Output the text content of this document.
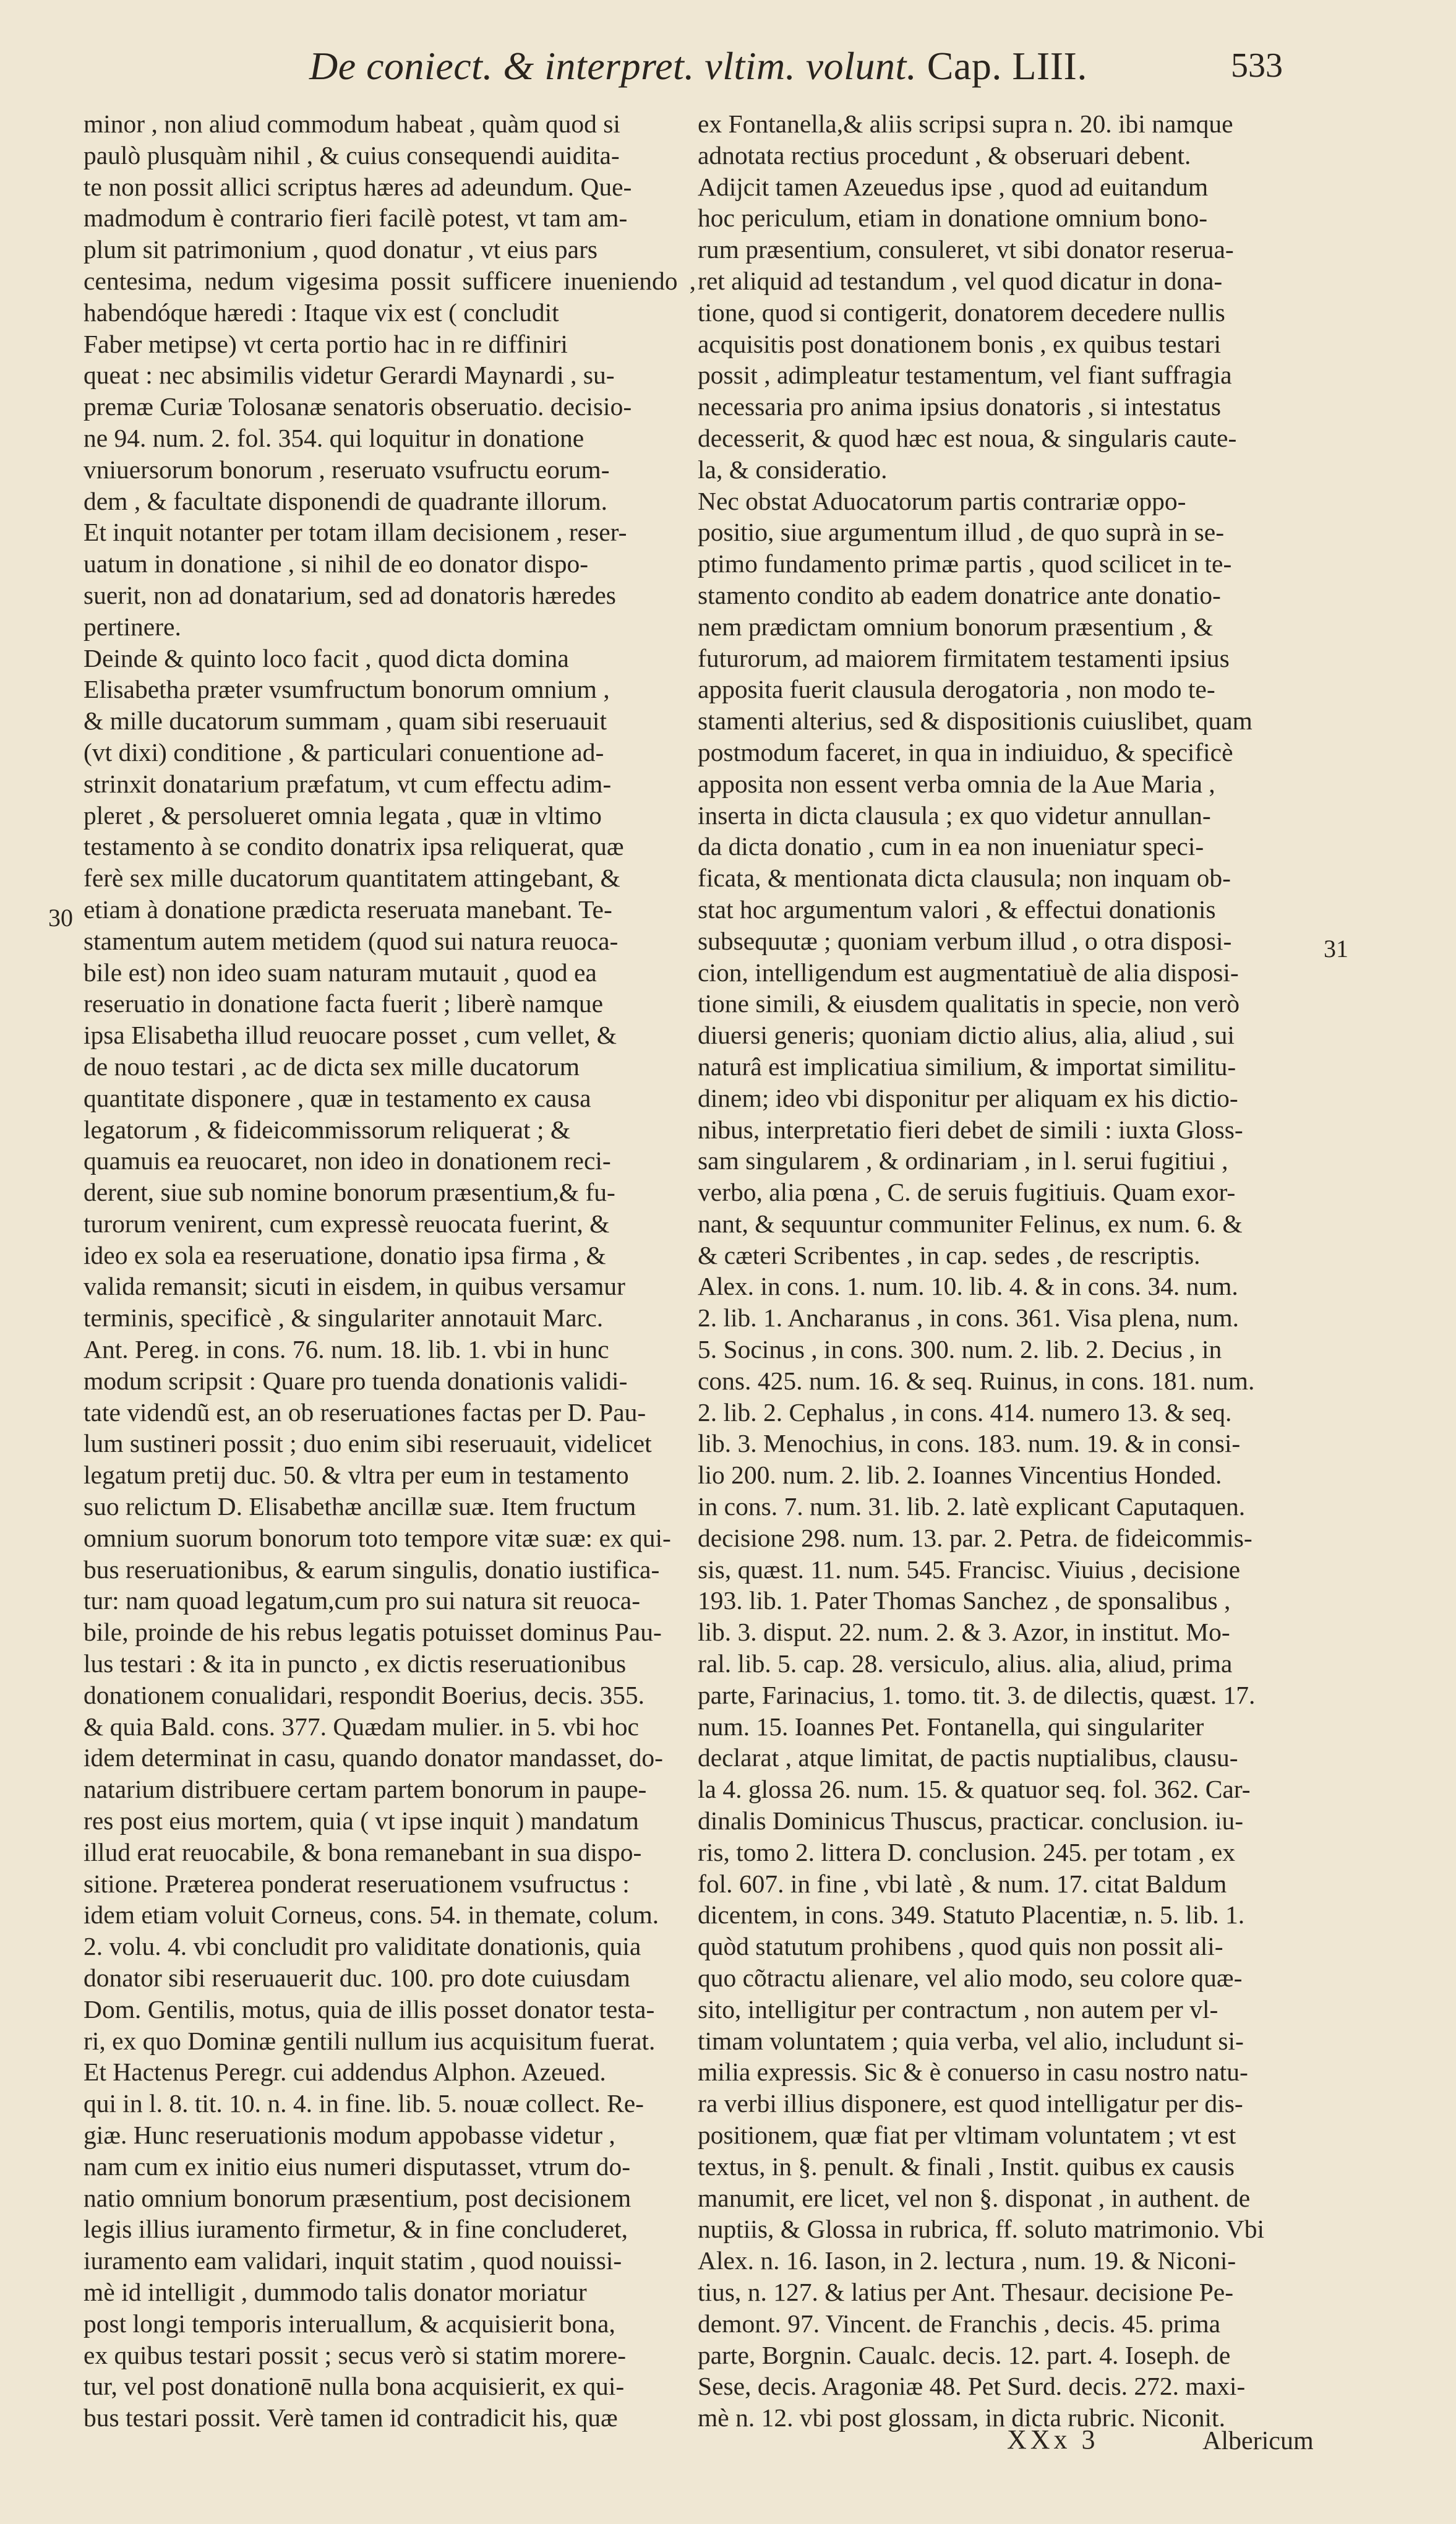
De coniect. & interpret. vltim. volunt. Cap. LIII.	533
minor , non aliud commodum habeat , quàm quod si
paulò plusquàm nihil , & cuius consequendi auidita-
te non possit allici scriptus hæres ad adeundum. Que-
madmodum è contrario fieri facilè potest, vt tam am-
plum sit patrimonium , quod donatur , vt eius pars
centesima, nedum vigesima possit sufficere inueniendo , habendóque hæredi : Itaque vix est ( concludit
Faber metipse) vt certa portio hac in re diffiniri
queat : nec absimilis videtur Gerardi Maynardi , su-
premæ Curiæ Tolosanæ senatoris obseruatio. decisio-
ne 94. num. 2. fol. 354. qui loquitur in donatione
vniuersorum bonorum , reseruato vsufructu eorum-
dem , & facultate disponendi de quadrante illorum.
Et inquit notanter per totam illam decisionem , reser-
uatum in donatione , si nihil de eo donator dispo-
suerit, non ad donatarium, sed ad donatoris hæredes
pertinere.
Deinde & quinto loco facit , quod dicta domina
Elisabetha præter vsumfructum bonorum omnium ,
& mille ducatorum summam , quam sibi reseruauit
(vt dixi) conditione , & particulari conuentione ad-
strinxit donatarium præfatum, vt cum effectu adim-
pleret , & persolueret omnia legata , quæ in vltimo
testamento à se condito donatrix ipsa reliquerat, quæ
ferè sex mille ducatorum quantitatem attingebant, &
etiam à donatione prædicta reseruata manebant. Te-
stamentum autem metidem (quod sui natura reuoca-
bile est) non ideo suam naturam mutauit , quod ea
reseruatio in donatione facta fuerit ; liberè namque
ipsa Elisabetha illud reuocare posset , cum vellet, &
de nouo testari , ac de dicta sex mille ducatorum
quantitate disponere , quæ in testamento ex causa
legatorum , & fideicommissorum reliquerat ; &
quamuis ea reuocaret, non ideo in donationem reci-
derent, siue sub nomine bonorum præsentium,& fu-
turorum venirent, cum expressè reuocata fuerint, &
ideo ex sola ea reseruatione, donatio ipsa firma , &
valida remansit; sicuti in eisdem, in quibus versamur
terminis, specificè , & singulariter annotauit Marc.
Ant. Pereg. in cons. 76. num. 18. lib. 1. vbi in hunc
modum scripsit : Quare pro tuenda donationis validi-
tate videndũ est, an ob reseruationes factas per D. Pau-
lum sustineri possit ; duo enim sibi reseruauit, videlicet
legatum pretij duc. 50. & vltra per eum in testamento
suo relictum D. Elisabethæ ancillæ suæ. Item fructum
omnium suorum bonorum toto tempore vitæ suæ: ex qui-
bus reseruationibus, & earum singulis, donatio iustifica-
tur: nam quoad legatum,cum pro sui natura sit reuoca-
bile, proinde de his rebus legatis potuisset dominus Pau-
lus testari : & ita in puncto , ex dictis reseruationibus
donationem conualidari, respondit Boerius, decis. 355.
& quia Bald. cons. 377. Quædam mulier. in 5. vbi hoc
idem determinat in casu, quando donator mandasset, do-
natarium distribuere certam partem bonorum in paupe-
res post eius mortem, quia ( vt ipse inquit ) mandatum
illud erat reuocabile, & bona remanebant in sua dispo-
sitione. Præterea ponderat reseruationem vsufructus :
idem etiam voluit Corneus, cons. 54. in themate, colum.
2. volu. 4. vbi concludit pro validitate donationis, quia
donator sibi reseruauerit duc. 100. pro dote cuiusdam
Dom. Gentilis, motus, quia de illis posset donator testa-
ri, ex quo Dominæ gentili nullum ius acquisitum fuerat.
Et Hactenus Peregr. cui addendus Alphon. Azeued.
qui in l. 8. tit. 10. n. 4. in fine. lib. 5. nouæ collect. Re-
giæ. Hunc reseruationis modum appobasse videtur ,
nam cum ex initio eius numeri disputasset, vtrum do-
natio omnium bonorum præsentium, post decisionem
legis illius iuramento firmetur, & in fine concluderet,
iuramento eam validari, inquit statim , quod nouissi-
mè id intelligit , dummodo talis donator moriatur
post longi temporis interuallum, & acquisierit bona,
ex quibus testari possit ; secus verò si statim morere-
tur, vel post donationē nulla bona acquisierit, ex qui-
bus testari possit. Verè tamen id contradicit his, quæ
ex Fontanella,& aliis scripsi supra n. 20. ibi namque
adnotata rectius procedunt , & obseruari debent.
Adijcit tamen Azeuedus ipse , quod ad euitandum
hoc periculum, etiam in donatione omnium bono-
rum præsentium, consuleret, vt sibi donator reserua-
ret aliquid ad testandum , vel quod dicatur in dona-
tione, quod si contigerit, donatorem decedere nullis
acquisitis post donationem bonis , ex quibus testari
possit , adimpleatur testamentum, vel fiant suffragia
necessaria pro anima ipsius donatoris , si intestatus
decesserit, & quod hæc est noua, & singularis caute-
la, & consideratio.
Nec obstat Aduocatorum partis contrariæ oppo-
positio, siue argumentum illud , de quo suprà in se-
ptimo fundamento primæ partis , quod scilicet in te-
stamento condito ab eadem donatrice ante donatio-
nem prædictam omnium bonorum præsentium , &
futurorum, ad maiorem firmitatem testamenti ipsius
apposita fuerit clausula derogatoria , non modo te-
stamenti alterius, sed & dispositionis cuiuslibet, quam
postmodum faceret, in qua in indiuiduo, & specificè
apposita non essent verba omnia de la Aue Maria ,
inserta in dicta clausula ; ex quo videtur annullan-
da dicta donatio , cum in ea non inueniatur speci-
ficata, & mentionata dicta clausula; non inquam ob-
stat hoc argumentum valori , & effectui donationis
subsequutæ ; quoniam verbum illud , o otra disposi-
cion, intelligendum est augmentatiuè de alia disposi-
tione simili, & eiusdem qualitatis in specie, non verò
diuersi generis; quoniam dictio alius, alia, aliud , sui
naturâ est implicatiua similium, & importat similitu-
dinem; ideo vbi disponitur per aliquam ex his dictio-
nibus, interpretatio fieri debet de simili : iuxta Gloss-
sam singularem , & ordinariam , in l. serui fugitiui ,
verbo, alia pœna , C. de seruis fugitiuis. Quam exor-
nant, & sequuntur communiter Felinus, ex num. 6. &
& cæteri Scribentes , in cap. sedes , de rescriptis.
Alex. in cons. 1. num. 10. lib. 4. & in cons. 34. num.
2. lib. 1. Ancharanus , in cons. 361. Visa plena, num.
5. Socinus , in cons. 300. num. 2. lib. 2. Decius , in
cons. 425. num. 16. & seq. Ruinus, in cons. 181. num.
2. lib. 2. Cephalus , in cons. 414. numero 13. & seq.
lib. 3. Menochius, in cons. 183. num. 19. & in consi-
lio 200. num. 2. lib. 2. Ioannes Vincentius Honded.
in cons. 7. num. 31. lib. 2. latè explicant Caputaquen.
decisione 298. num. 13. par. 2. Petra. de fideicommis-
sis, quæst. 11. num. 545. Francisc. Viuius , decisione
193. lib. 1. Pater Thomas Sanchez , de sponsalibus ,
lib. 3. disput. 22. num. 2. & 3. Azor, in institut. Mo-
ral. lib. 5. cap. 28. versiculo, alius. alia, aliud, prima
parte, Farinacius, 1. tomo. tit. 3. de dilectis, quæst. 17.
num. 15. Ioannes Pet. Fontanella, qui singulariter
declarat , atque limitat, de pactis nuptialibus, clausu-
la 4. glossa 26. num. 15. & quatuor seq. fol. 362. Car-
dinalis Dominicus Thuscus, practicar. conclusion. iu-
ris, tomo 2. littera D. conclusion. 245. per totam , ex
fol. 607. in fine , vbi latè , & num. 17. citat Baldum
dicentem, in cons. 349. Statuto Placentiæ, n. 5. lib. 1.
quòd statutum prohibens , quod quis non possit ali-
quo cõtractu alienare, vel alio modo, seu colore quæ-
sito, intelligitur per contractum , non autem per vl-
timam voluntatem ; quia verba, vel alio, includunt si-
milia expressis. Sic & è conuerso in casu nostro natu-
ra verbi illius disponere, est quod intelligatur per dis-
positionem, quæ fiat per vltimam voluntatem ; vt est
textus, in §. penult. & finali , Instit. quibus ex causis
manumit, ere licet, vel non §. disponat , in authent. de
nuptiis, & Glossa in rubrica, ff. soluto matrimonio. Vbi
Alex. n. 16. Iason, in 2. lectura , num. 19. & Niconi-
tius, n. 127. & latius per Ant. Thesaur. decisione Pe-
demont. 97. Vincent. de Franchis , decis. 45. prima
parte, Borgnin. Caualc. decis. 12. part. 4. Ioseph. de
Sese, decis. Aragoniæ 48. Pet Surd. decis. 272. maxi-
mè n. 12. vbi post glossam, in dicta rubric. Niconit.
30
31
XXx 3	Albericum
